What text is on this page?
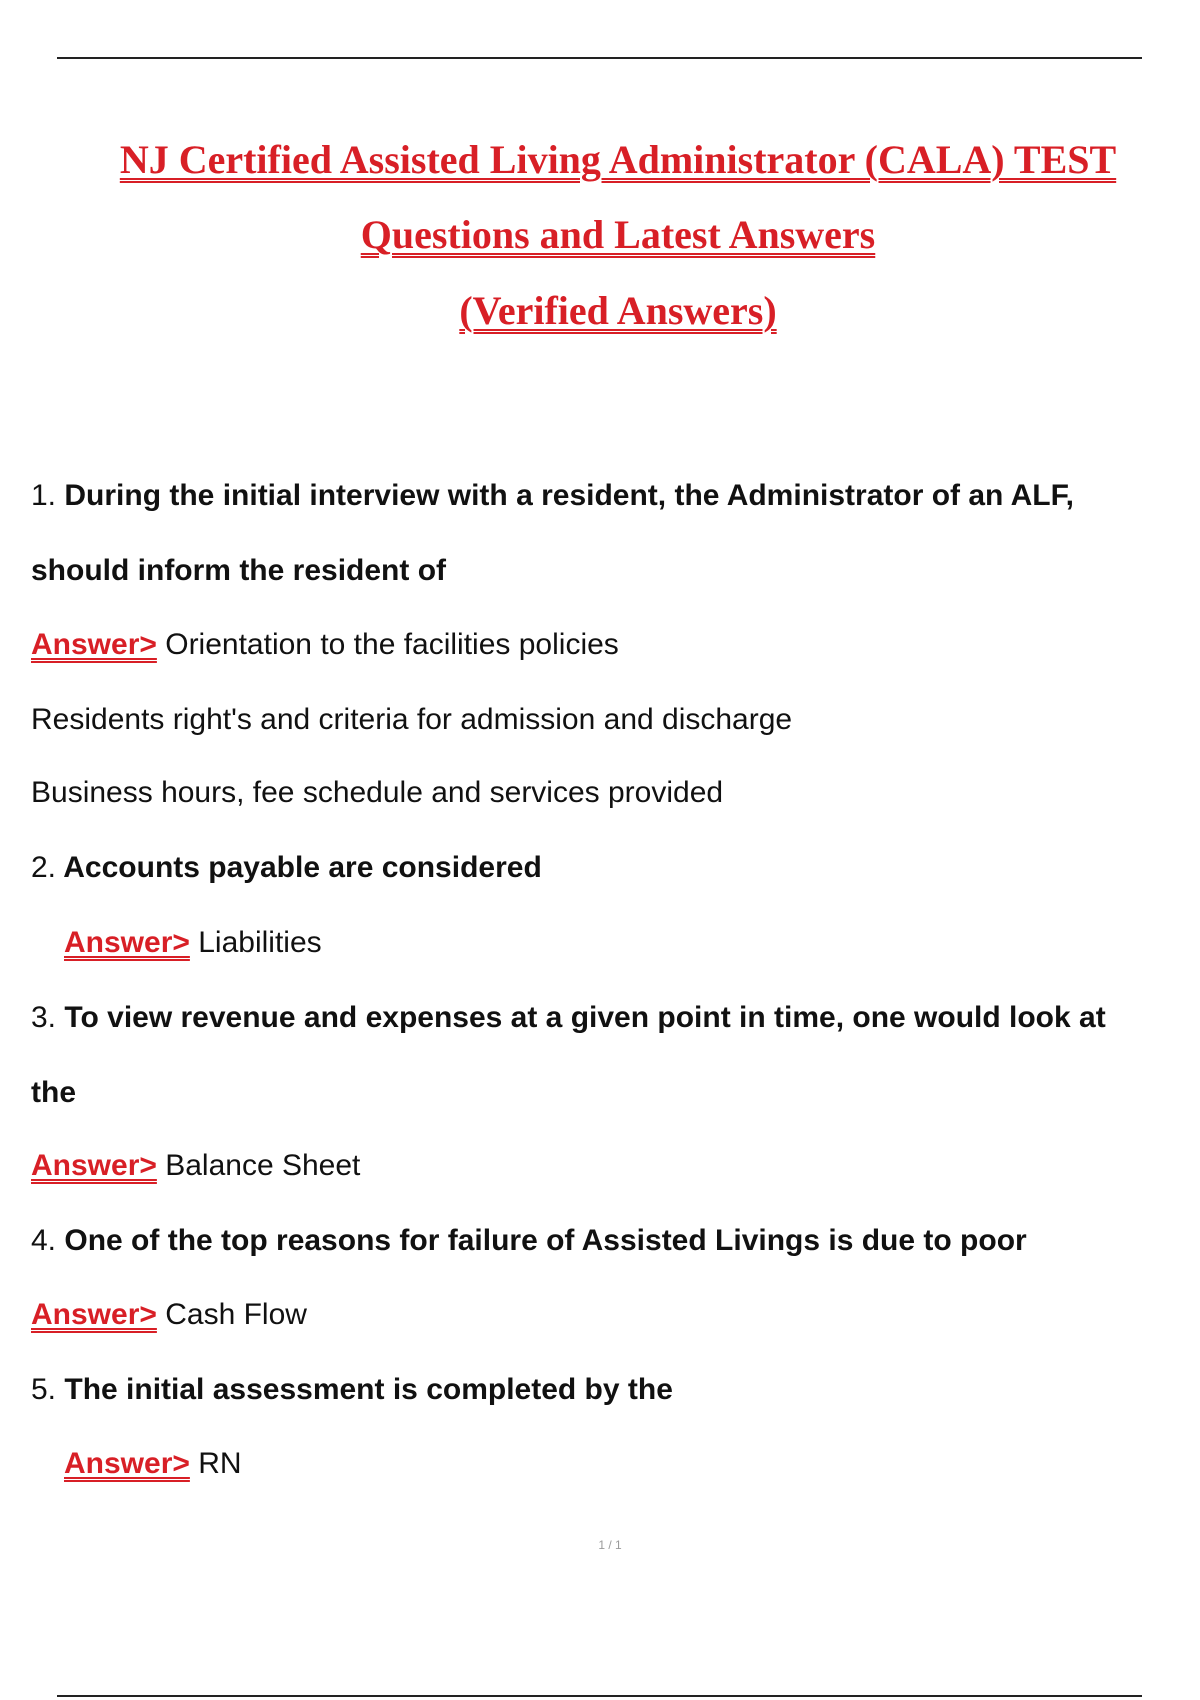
NJ Certified Assisted Living Administrator (CALA) TEST
Questions and Latest Answers
(Verified Answers)
1. During the initial interview with a resident, the Administrator of an ALF,
should inform the resident of
Answer> Orientation to the facilities policies
Residents right's and criteria for admission and discharge
Business hours, fee schedule and services provided
2. Accounts payable are considered
Answer> Liabilities
3. To view revenue and expenses at a given point in time, one would look at
the
Answer> Balance Sheet
4. One of the top reasons for failure of Assisted Livings is due to poor
Answer> Cash Flow
5. The initial assessment is completed by the
Answer> RN
1 / 1
